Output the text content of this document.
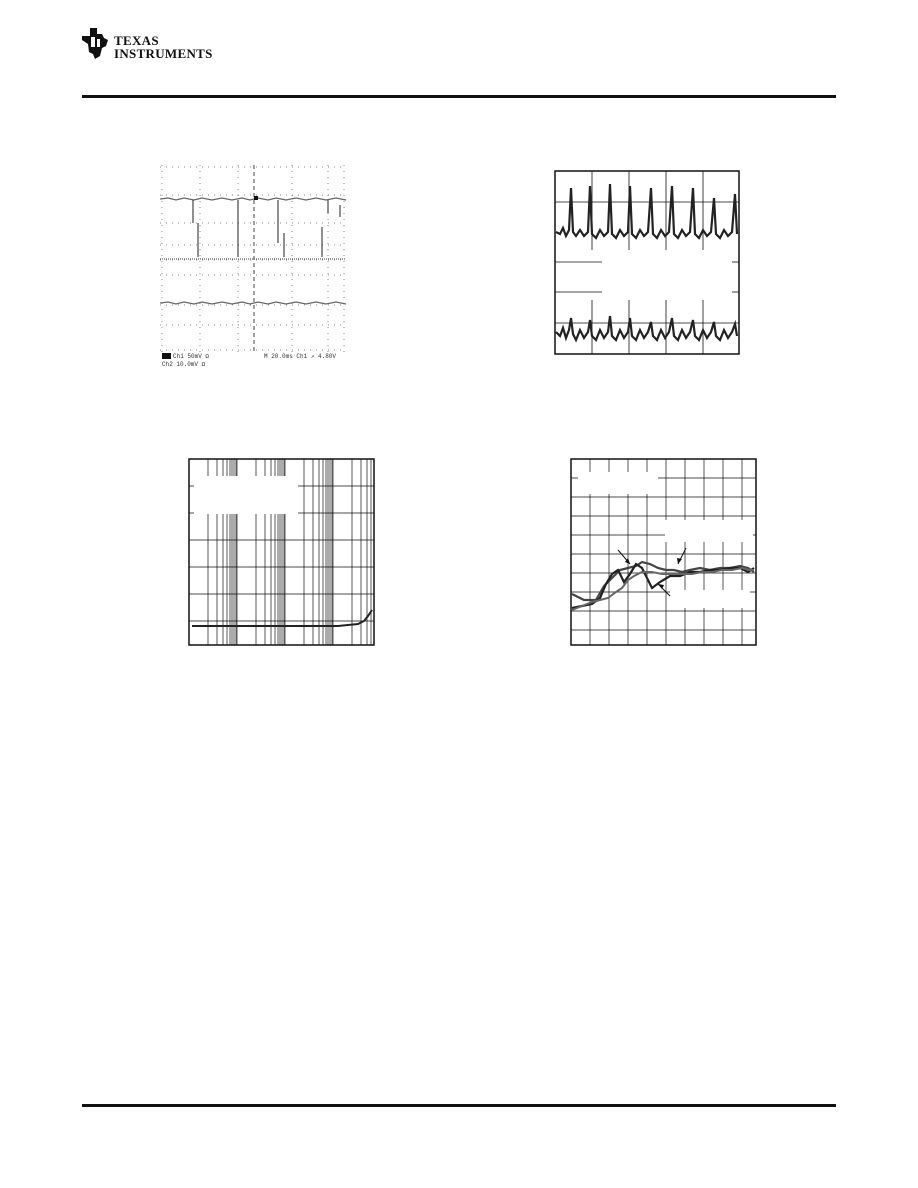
TEXAS
INSTRUMENTS
Ch1 50mV Ω	M 20.0ms Ch1 ↗ 4.80V
Ch2 10.0mV Ω
